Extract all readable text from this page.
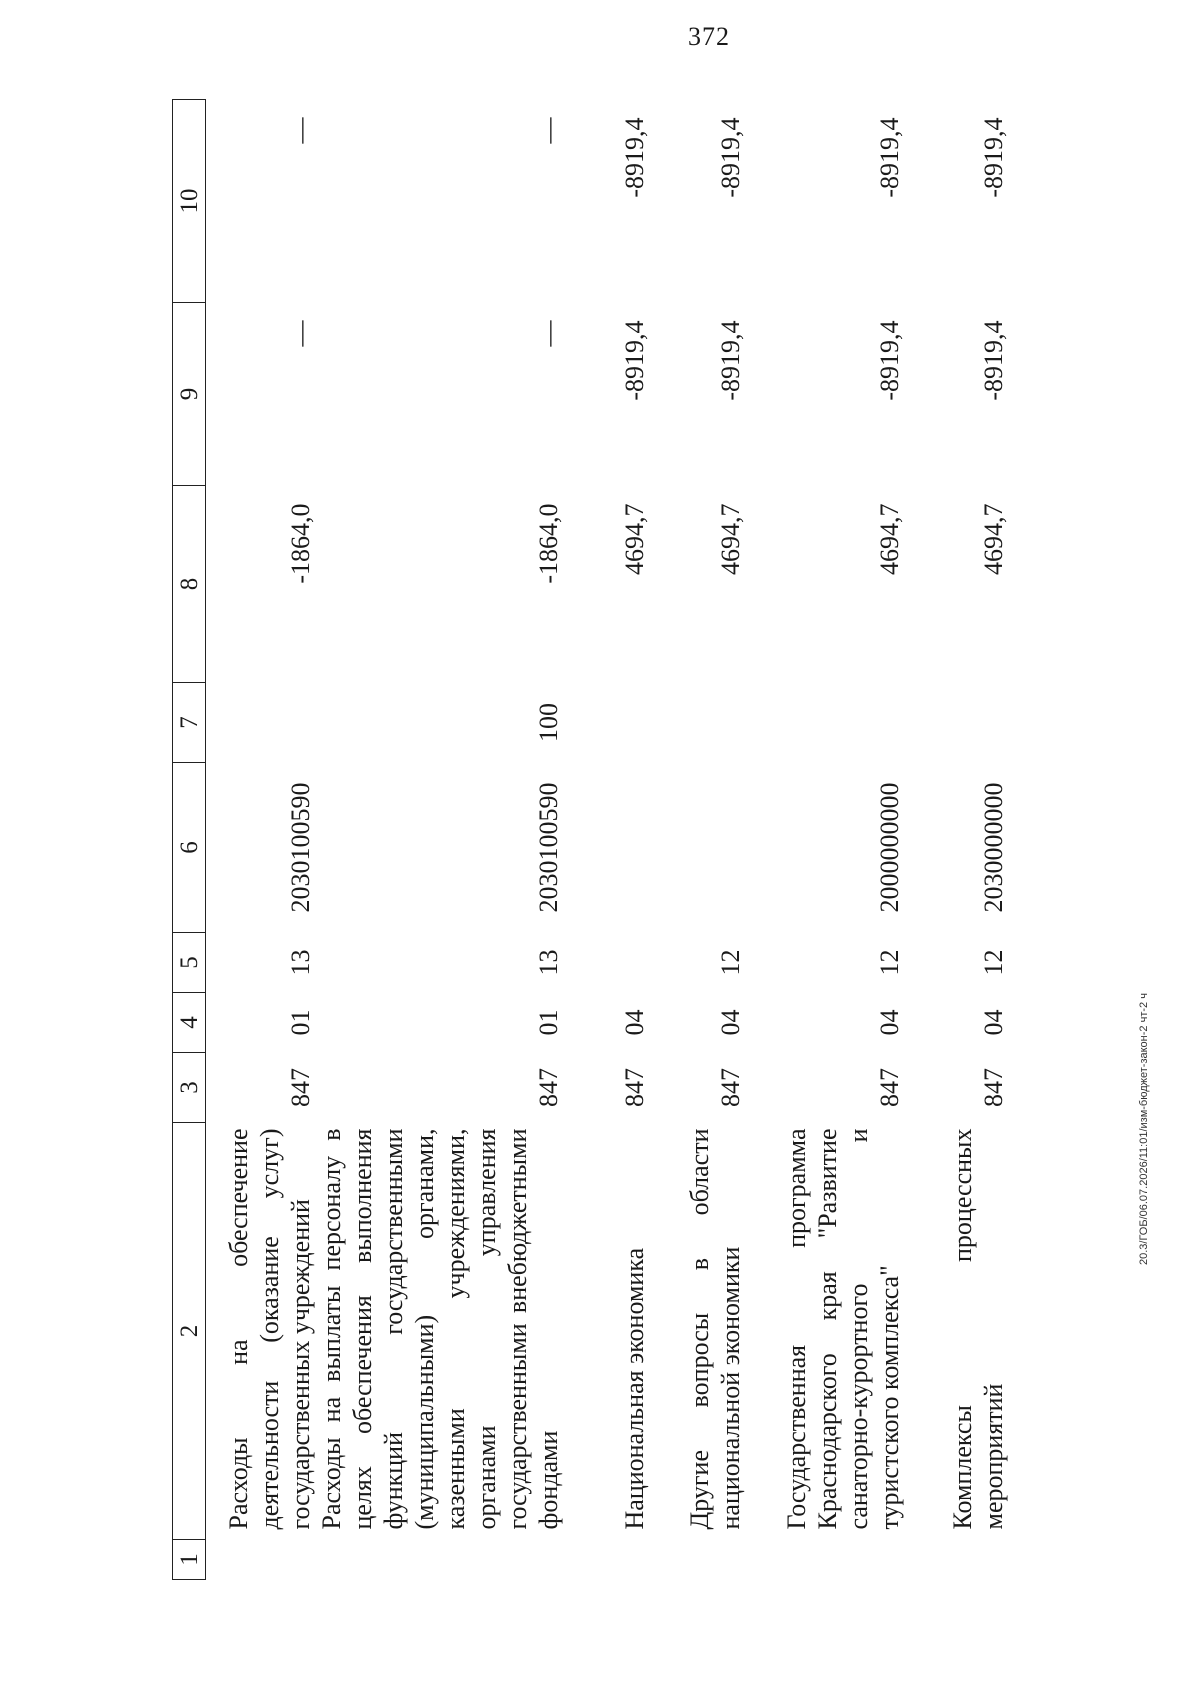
372
1	2	3	4	5	6	7	8	9	10
	Расходы на обеспечение деятельности (оказание услуг) государственных учреждений	847	01	13	2030100590		-1864,0	—	—
	Расходы на выплаты персоналу в целях обеспечения выполнения функций государственными (муниципальными) органами, казенными учреждениями, органами управления государственными внебюджетными фондами	847	01	13	2030100590	100	-1864,0	—	—
	Национальная экономика	847	04				4694,7	-8919,4	-8919,4
	Другие вопросы в области национальной экономики	847	04	12			4694,7	-8919,4	-8919,4
	Государственная программа Краснодарского края "Развитие санаторно-курортного и туристского комплекса"	847	04	12	2000000000		4694,7	-8919,4	-8919,4
	Комплексы процессных мероприятий	847	04	12	2030000000		4694,7	-8919,4	-8919,4
20.3/ГОБ/06.07.2026/11:01/изм-бюджет-закон-2 чт-2 ч
